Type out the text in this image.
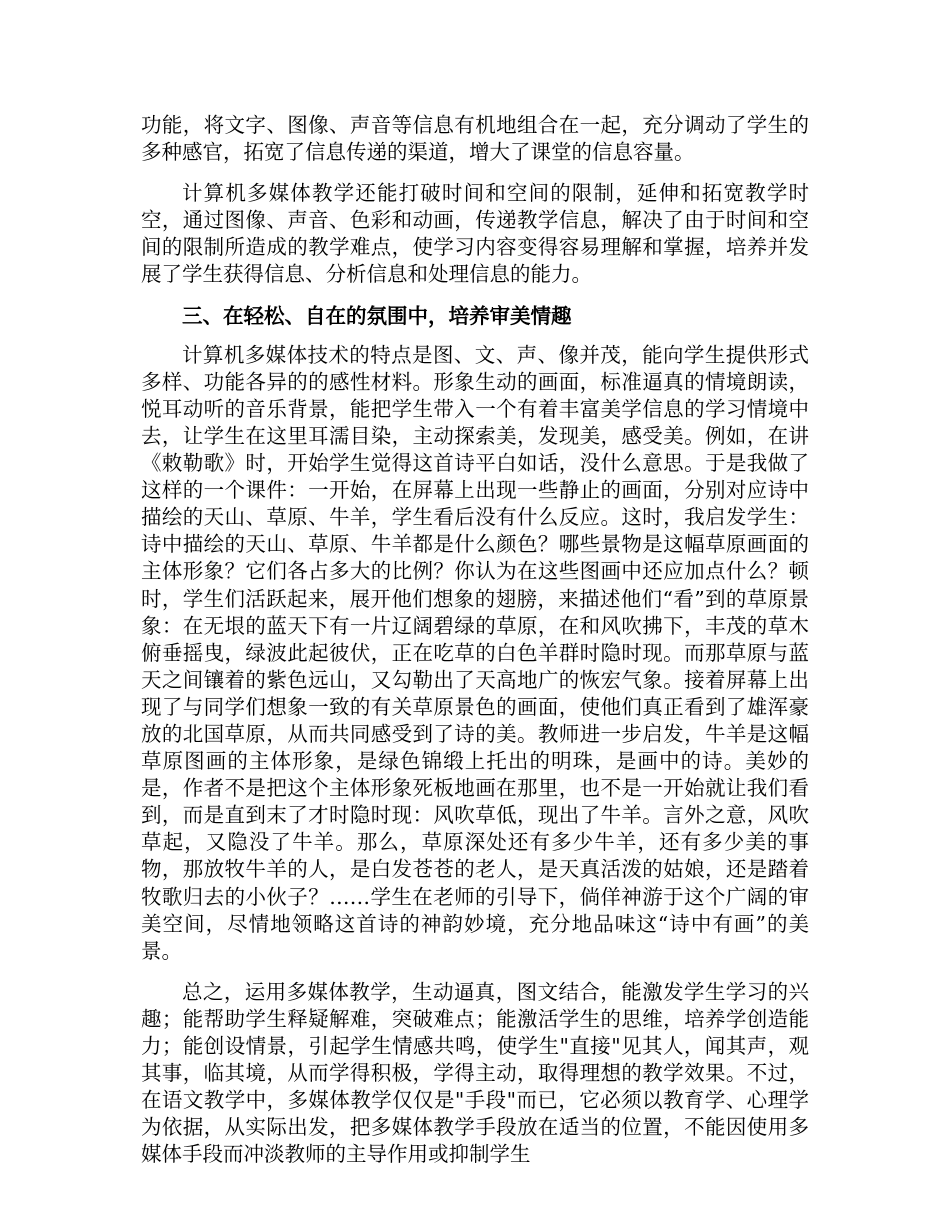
功能，将文字、图像、声音等信息有机地组合在一起，充分调动了学生的多种感官，拓宽了信息传递的渠道，增大了课堂的信息容量。

计算机多媒体教学还能打破时间和空间的限制，延伸和拓宽教学时空，通过图像、声音、色彩和动画，传递教学信息，解决了由于时间和空间的限制所造成的教学难点，使学习内容变得容易理解和掌握，培养并发展了学生获得信息、分析信息和处理信息的能力。

三、在轻松、自在的氛围中，培养审美情趣

计算机多媒体技术的特点是图、文、声、像并茂，能向学生提供形式多样、功能各异的的感性材料。形象生动的画面，标准逼真的情境朗读，悦耳动听的音乐背景，能把学生带入一个有着丰富美学信息的学习情境中去，让学生在这里耳濡目染，主动探索美，发现美，感受美。例如，在讲《敕勒歌》时，开始学生觉得这首诗平白如话，没什么意思。于是我做了这样的一个课件：一开始，在屏幕上出现一些静止的画面，分别对应诗中描绘的天山、草原、牛羊，学生看后没有什么反应。这时，我启发学生：诗中描绘的天山、草原、牛羊都是什么颜色？哪些景物是这幅草原画面的主体形象？它们各占多大的比例？你认为在这些图画中还应加点什么？顿时，学生们活跃起来，展开他们想象的翅膀，来描述他们“看”到的草原景象：在无垠的蓝天下有一片辽阔碧绿的草原，在和风吹拂下，丰茂的草木俯垂摇曳，绿波此起彼伏，正在吃草的白色羊群时隐时现。而那草原与蓝天之间镶着的紫色远山，又勾勒出了天高地广的恢宏气象。接着屏幕上出现了与同学们想象一致的有关草原景色的画面，使他们真正看到了雄浑豪放的北国草原，从而共同感受到了诗的美。教师进一步启发，牛羊是这幅草原图画的主体形象，是绿色锦缎上托出的明珠，是画中的诗。美妙的是，作者不是把这个主体形象死板地画在那里，也不是一开始就让我们看到，而是直到末了才时隐时现：风吹草低，现出了牛羊。言外之意，风吹草起，又隐没了牛羊。那么，草原深处还有多少牛羊，还有多少美的事物，那放牧牛羊的人，是白发苍苍的老人，是天真活泼的姑娘，还是踏着牧歌归去的小伙子？……学生在老师的引导下，倘佯神游于这个广阔的审美空间，尽情地领略这首诗的神韵妙境，充分地品味这“诗中有画”的美景。

总之，运用多媒体教学，生动逼真，图文结合，能激发学生学习的兴趣；能帮助学生释疑解难，突破难点；能激活学生的思维，培养学创造能力；能创设情景，引起学生情感共鸣，使学生"直接"见其人，闻其声，观其事，临其境，从而学得积极，学得主动，取得理想的教学效果。不过，在语文教学中，多媒体教学仅仅是"手段"而已，它必须以教育学、心理学为依据，从实际出发，把多媒体教学手段放在适当的位置，不能因使用多媒体手段而冲淡教师的主导作用或抑制学生
